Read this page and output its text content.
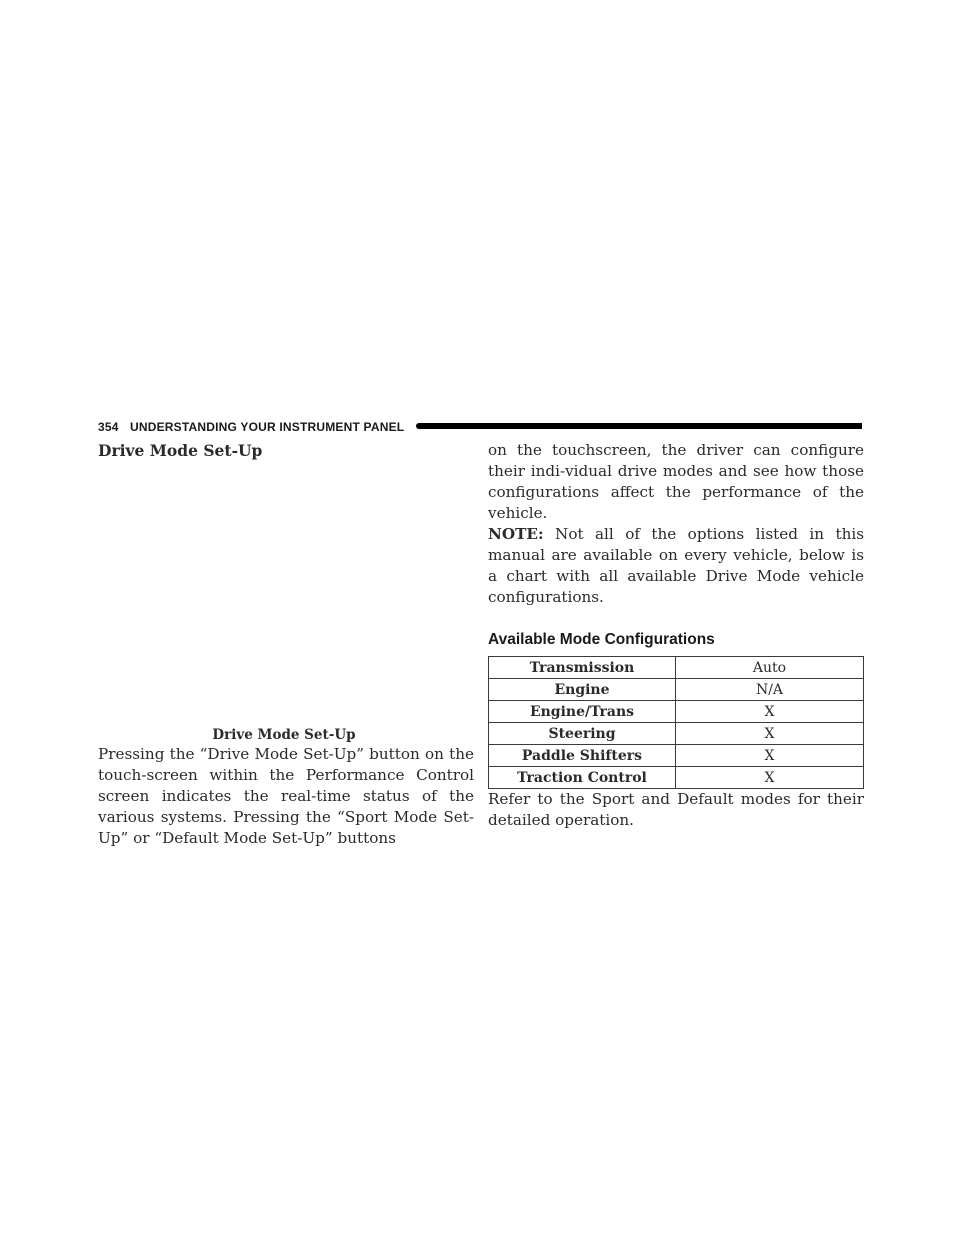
354 UNDERSTANDING YOUR INSTRUMENT PANEL
Drive Mode Set-Up
Drive Mode Set-Up

Pressing the “Drive Mode Set-Up” button on the touch-screen within the Performance Control screen indicates the real-time status of the various systems. Pressing the “Sport Mode Set-Up” or “Default Mode Set-Up” buttons

on the touchscreen, the driver can configure their indi-vidual drive modes and see how those configurations affect the performance of the vehicle.

NOTE: Not all of the options listed in this manual are available on every vehicle, below is a chart with all available Drive Mode vehicle configurations.

Available Mode Configurations
Transmission	Auto
Engine	N/A
Engine/Trans	X
Steering	X
Paddle Shifters	X
Traction Control	X

Refer to the Sport and Default modes for their detailed operation.
